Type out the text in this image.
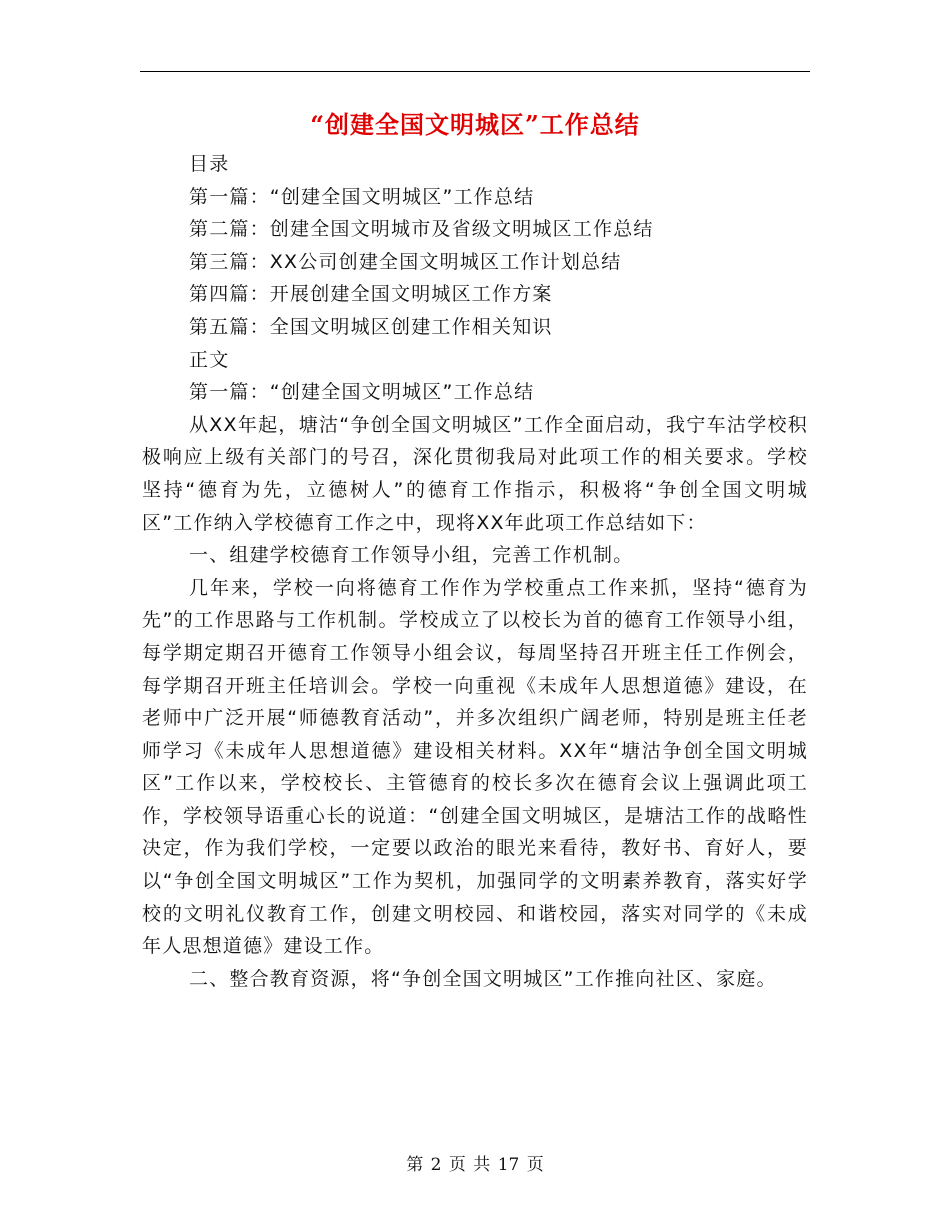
“创建全国文明城区”工作总结

目录

第一篇：“创建全国文明城区”工作总结

第二篇：创建全国文明城市及省级文明城区工作总结

第三篇：XX公司创建全国文明城区工作计划总结

第四篇：开展创建全国文明城区工作方案

第五篇：全国文明城区创建工作相关知识

正文

第一篇：“创建全国文明城区”工作总结

从XX年起，塘沽“争创全国文明城区”工作全面启动，我宁车沽学校积极响应上级有关部门的号召，深化贯彻我局对此项工作的相关要求。学校坚持“德育为先，立德树人”的德育工作指示，积极将“争创全国文明城区”工作纳入学校德育工作之中，现将XX年此项工作总结如下：

一、组建学校德育工作领导小组，完善工作机制。

几年来，学校一向将德育工作作为学校重点工作来抓，坚持“德育为先”的工作思路与工作机制。学校成立了以校长为首的德育工作领导小组，每学期定期召开德育工作领导小组会议，每周坚持召开班主任工作例会，每学期召开班主任培训会。学校一向重视《未成年人思想道德》建设，在老师中广泛开展“师德教育活动”，并多次组织广阔老师，特别是班主任老师学习《未成年人思想道德》建设相关材料。XX年“塘沽争创全国文明城区”工作以来，学校校长、主管德育的校长多次在德育会议上强调此项工作，学校领导语重心长的说道：“创建全国文明城区，是塘沽工作的战略性决定，作为我们学校，一定要以政治的眼光来看待，教好书、育好人，要以“争创全国文明城区”工作为契机，加强同学的文明素养教育，落实好学校的文明礼仪教育工作，创建文明校园、和谐校园，落实对同学的《未成年人思想道德》建设工作。

二、整合教育资源，将“争创全国文明城区”工作推向社区、家庭。

第 2 页 共 17 页
